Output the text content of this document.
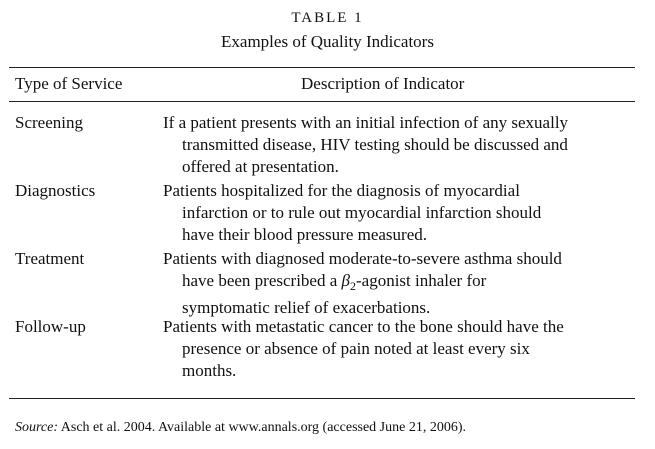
TABLE 1
Examples of Quality Indicators
Type of Service	Description of Indicator
Screening	If a patient presents with an initial infection of any sexually
transmitted disease, HIV testing should be discussed and
offered at presentation.
Diagnostics	Patients hospitalized for the diagnosis of myocardial
infarction or to rule out myocardial infarction should
have their blood pressure measured.
Treatment	Patients with diagnosed moderate-to-severe asthma should
have been prescribed a $\beta_2$-agonist inhaler for
symptomatic relief of exacerbations.
Follow-up	Patients with metastatic cancer to the bone should have the
presence or absence of pain noted at least every six
months.
Source: Asch et al. 2004. Available at www.annals.org (accessed June 21, 2006).
